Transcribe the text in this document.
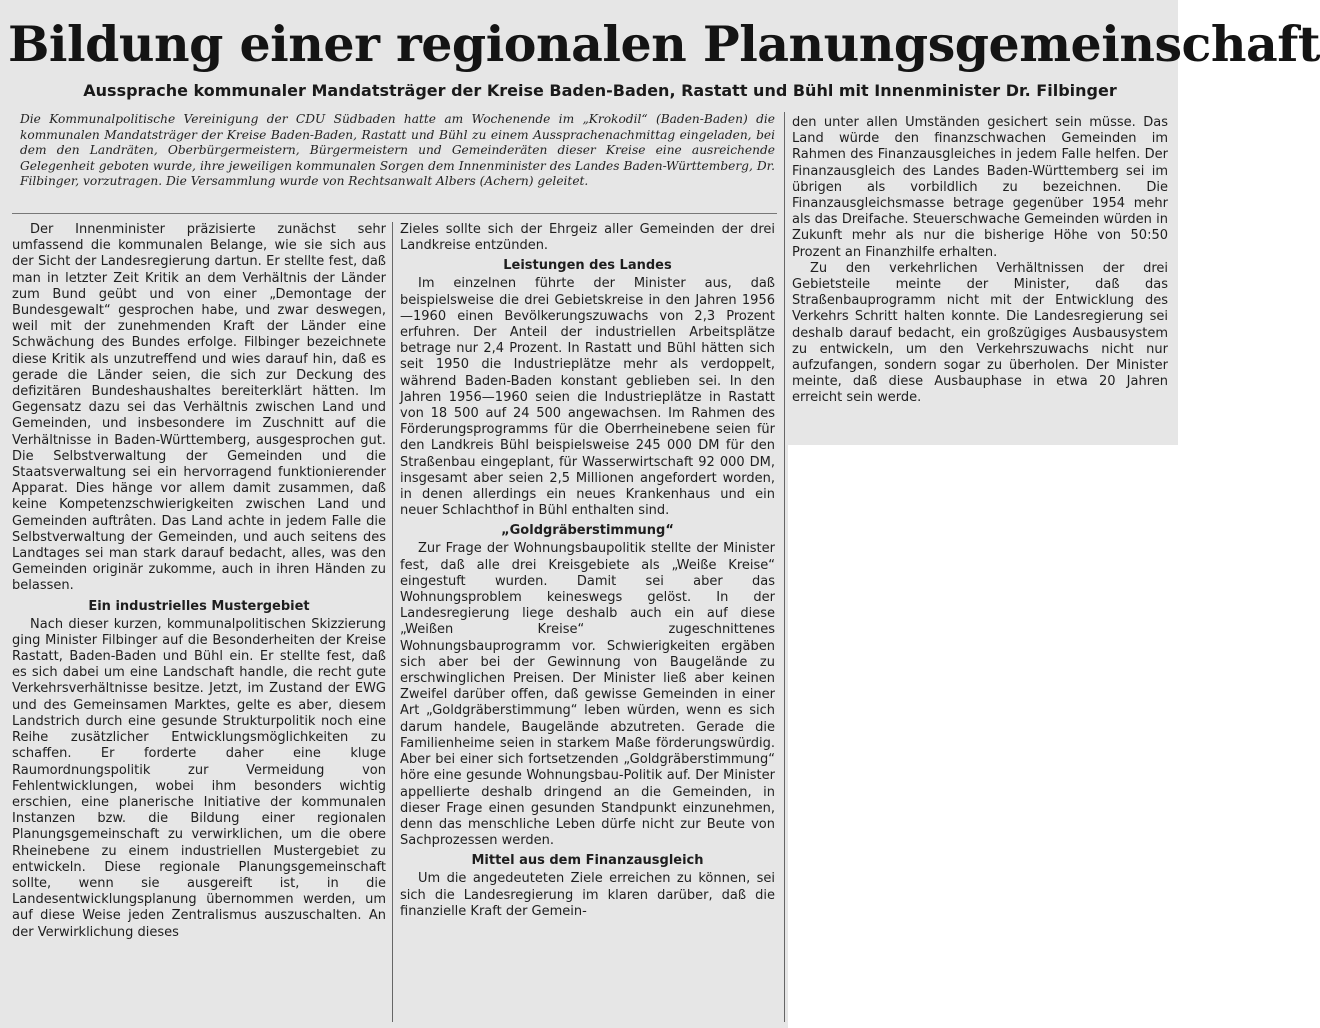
Bildung einer regionalen Planungsgemeinschaft
Aussprache kommunaler Mandatsträger der Kreise Baden-Baden, Rastatt und Bühl mit Innenminister Dr. Filbinger

Die Kommunalpolitische Vereinigung der CDU Südbaden hatte am Wochenende im „Krokodil“ (Baden-Baden) die kommunalen Mandatsträger der Kreise Baden-Baden, Rastatt und Bühl zu einem Aussprachenachmittag eingeladen, bei dem den Landräten, Oberbürgermeistern, Bürgermeistern und Gemeinderäten dieser Kreise eine ausreichende Gelegenheit geboten wurde, ihre jeweiligen kommunalen Sorgen dem Innenminister des Landes Baden-Württemberg, Dr. Filbinger, vorzutragen. Die Versammlung wurde von Rechtsanwalt Albers (Achern) geleitet.

Der Innenminister präzisierte zunächst sehr umfassend die kommunalen Belange, wie sie sich aus der Sicht der Landesregierung dartun. Er stellte fest, daß man in letzter Zeit Kritik an dem Verhältnis der Länder zum Bund geübt und von einer „Demontage der Bundesgewalt“ gesprochen habe, und zwar deswegen, weil mit der zunehmenden Kraft der Länder eine Schwächung des Bundes erfolge. Filbinger bezeichnete diese Kritik als unzutreffend und wies darauf hin, daß es gerade die Länder seien, die sich zur Deckung des defizitären Bundeshaushaltes bereiterklärt hätten. Im Gegensatz dazu sei das Verhältnis zwischen Land und Gemeinden, und insbesondere im Zuschnitt auf die Verhältnisse in Baden-Württemberg, ausgesprochen gut. Die Selbstverwaltung der Gemeinden und die Staatsverwaltung sei ein hervorragend funktionierender Apparat. Dies hänge vor allem damit zusammen, daß keine Kompetenzschwierigkeiten zwischen Land und Gemeinden auftrâten. Das Land achte in jedem Falle die Selbstverwaltung der Gemeinden, und auch seitens des Landtages sei man stark darauf bedacht, alles, was den Gemeinden originär zukomme, auch in ihren Händen zu belassen.

Ein industrielles Mustergebiet

Nach dieser kurzen, kommunalpolitischen Skizzierung ging Minister Filbinger auf die Besonderheiten der Kreise Rastatt, Baden-Baden und Bühl ein. Er stellte fest, daß es sich dabei um eine Landschaft handle, die recht gute Verkehrsverhältnisse besitze. Jetzt, im Zustand der EWG und des Gemeinsamen Marktes, gelte es aber, diesem Landstrich durch eine gesunde Strukturpolitik noch eine Reihe zusätzlicher Entwicklungsmöglichkeiten zu schaffen. Er forderte daher eine kluge Raumordnungspolitik zur Vermeidung von Fehlentwicklungen, wobei ihm besonders wichtig erschien, eine planerische Initiative der kommunalen Instanzen bzw. die Bildung einer regionalen Planungsgemeinschaft zu verwirklichen, um die obere Rheinebene zu einem industriellen Mustergebiet zu entwickeln. Diese regionale Planungsgemeinschaft sollte, wenn sie ausgereift ist, in die Landesentwicklungsplanung übernommen werden, um auf diese Weise jeden Zentralismus auszuschalten. An der Verwirklichung dieses

Zieles sollte sich der Ehrgeiz aller Gemeinden der drei Landkreise entzünden.

Leistungen des Landes

Im einzelnen führte der Minister aus, daß beispielsweise die drei Gebietskreise in den Jahren 1956—1960 einen Bevölkerungszuwachs von 2,3 Prozent erfuhren. Der Anteil der industriellen Arbeitsplätze betrage nur 2,4 Prozent. In Rastatt und Bühl hätten sich seit 1950 die Industrieplätze mehr als verdoppelt, während Baden-Baden konstant geblieben sei. In den Jahren 1956—1960 seien die Industrieplätze in Rastatt von 18 500 auf 24 500 angewachsen. Im Rahmen des Förderungsprogramms für die Oberrheinebene seien für den Landkreis Bühl beispielsweise 245 000 DM für den Straßenbau eingeplant, für Wasserwirtschaft 92 000 DM, insgesamt aber seien 2,5 Millionen angefordert worden, in denen allerdings ein neues Krankenhaus und ein neuer Schlachthof in Bühl enthalten sind.

„Goldgräberstimmung“

Zur Frage der Wohnungsbaupolitik stellte der Minister fest, daß alle drei Kreisgebiete als „Weiße Kreise“ eingestuft wurden. Damit sei aber das Wohnungsproblem keineswegs gelöst. In der Landesregierung liege deshalb auch ein auf diese „Weißen Kreise“ zugeschnittenes Wohnungsbauprogramm vor. Schwierigkeiten ergäben sich aber bei der Gewinnung von Baugelände zu erschwinglichen Preisen. Der Minister ließ aber keinen Zweifel darüber offen, daß gewisse Gemeinden in einer Art „Goldgräberstimmung“ leben würden, wenn es sich darum handele, Baugelände abzutreten. Gerade die Familienheime seien in starkem Maße förderungswürdig. Aber bei einer sich fortsetzenden „Goldgräberstimmung“ höre eine gesunde Wohnungsbau-Politik auf. Der Minister appellierte deshalb dringend an die Gemeinden, in dieser Frage einen gesunden Standpunkt einzunehmen, denn das menschliche Leben dürfe nicht zur Beute von Sachprozessen werden.

Mittel aus dem Finanzausgleich

Um die angedeuteten Ziele erreichen zu können, sei sich die Landesregierung im klaren darüber, daß die finanzielle Kraft der Gemein-

den unter allen Umständen gesichert sein müsse. Das Land würde den finanzschwachen Gemeinden im Rahmen des Finanzausgleiches in jedem Falle helfen. Der Finanzausgleich des Landes Baden-Württemberg sei im übrigen als vorbildlich zu bezeichnen. Die Finanzausgleichsmasse betrage gegenüber 1954 mehr als das Dreifache. Steuerschwache Gemeinden würden in Zukunft mehr als nur die bisherige Höhe von 50:50 Prozent an Finanzhilfe erhalten.

Zu den verkehrlichen Verhältnissen der drei Gebietsteile meinte der Minister, daß das Straßenbauprogramm nicht mit der Entwicklung des Verkehrs Schritt halten konnte. Die Landesregierung sei deshalb darauf bedacht, ein großzügiges Ausbausystem zu entwickeln, um den Verkehrszuwachs nicht nur aufzufangen, sondern sogar zu überholen. Der Minister meinte, daß diese Ausbauphase in etwa 20 Jahren erreicht sein werde.
